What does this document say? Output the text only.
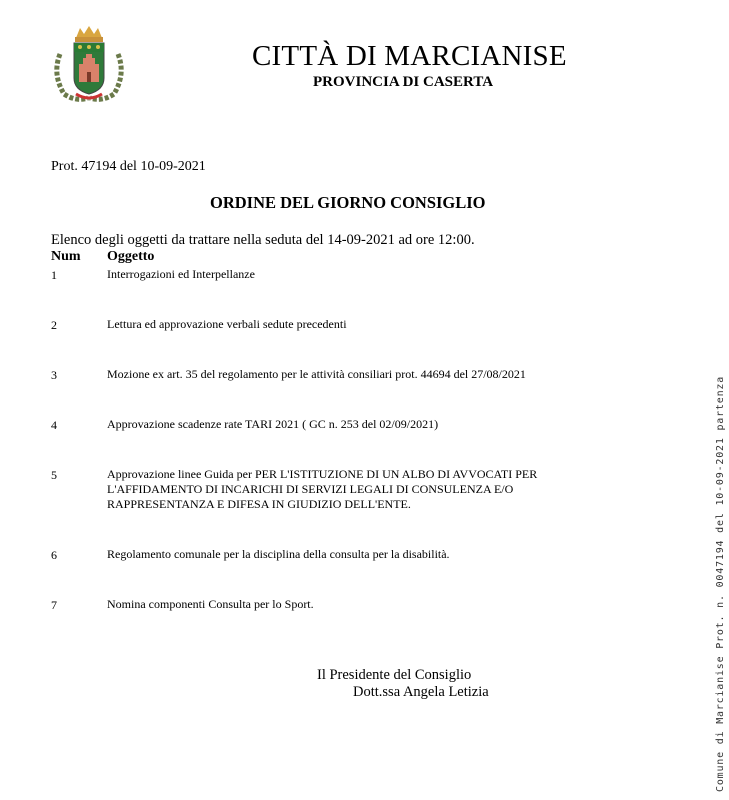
CITTÀ DI MARCIANISE
PROVINCIA DI CASERTA
Prot. 47194 del 10-09-2021
ORDINE DEL GIORNO CONSIGLIO
Elenco degli oggetti da trattare nella seduta del 14-09-2021 ad ore 12:00.
Num Oggetto
1	Interrogazioni ed Interpellanze
2	Lettura ed approvazione verbali sedute precedenti
3	Mozione ex art. 35 del regolamento per le attività consiliari prot. 44694 del 27/08/2021
4	Approvazione scadenze rate TARI 2021 ( GC n. 253 del 02/09/2021)
5	Approvazione linee Guida per PER L'ISTITUZIONE DI UN ALBO DI AVVOCATI PER
L'AFFIDAMENTO DI INCARICHI DI SERVIZI LEGALI DI CONSULENZA E/O
RAPPRESENTANZA E DIFESA IN GIUDIZIO DELL'ENTE.
6	Regolamento comunale per la disciplina della consulta per la disabilità.
7	Nomina componenti Consulta per lo Sport.
Il Presidente del Consiglio
Dott.ssa Angela Letizia	Comune di Marcianise Prot. n. 0047194 del 10-09-2021 partenza
